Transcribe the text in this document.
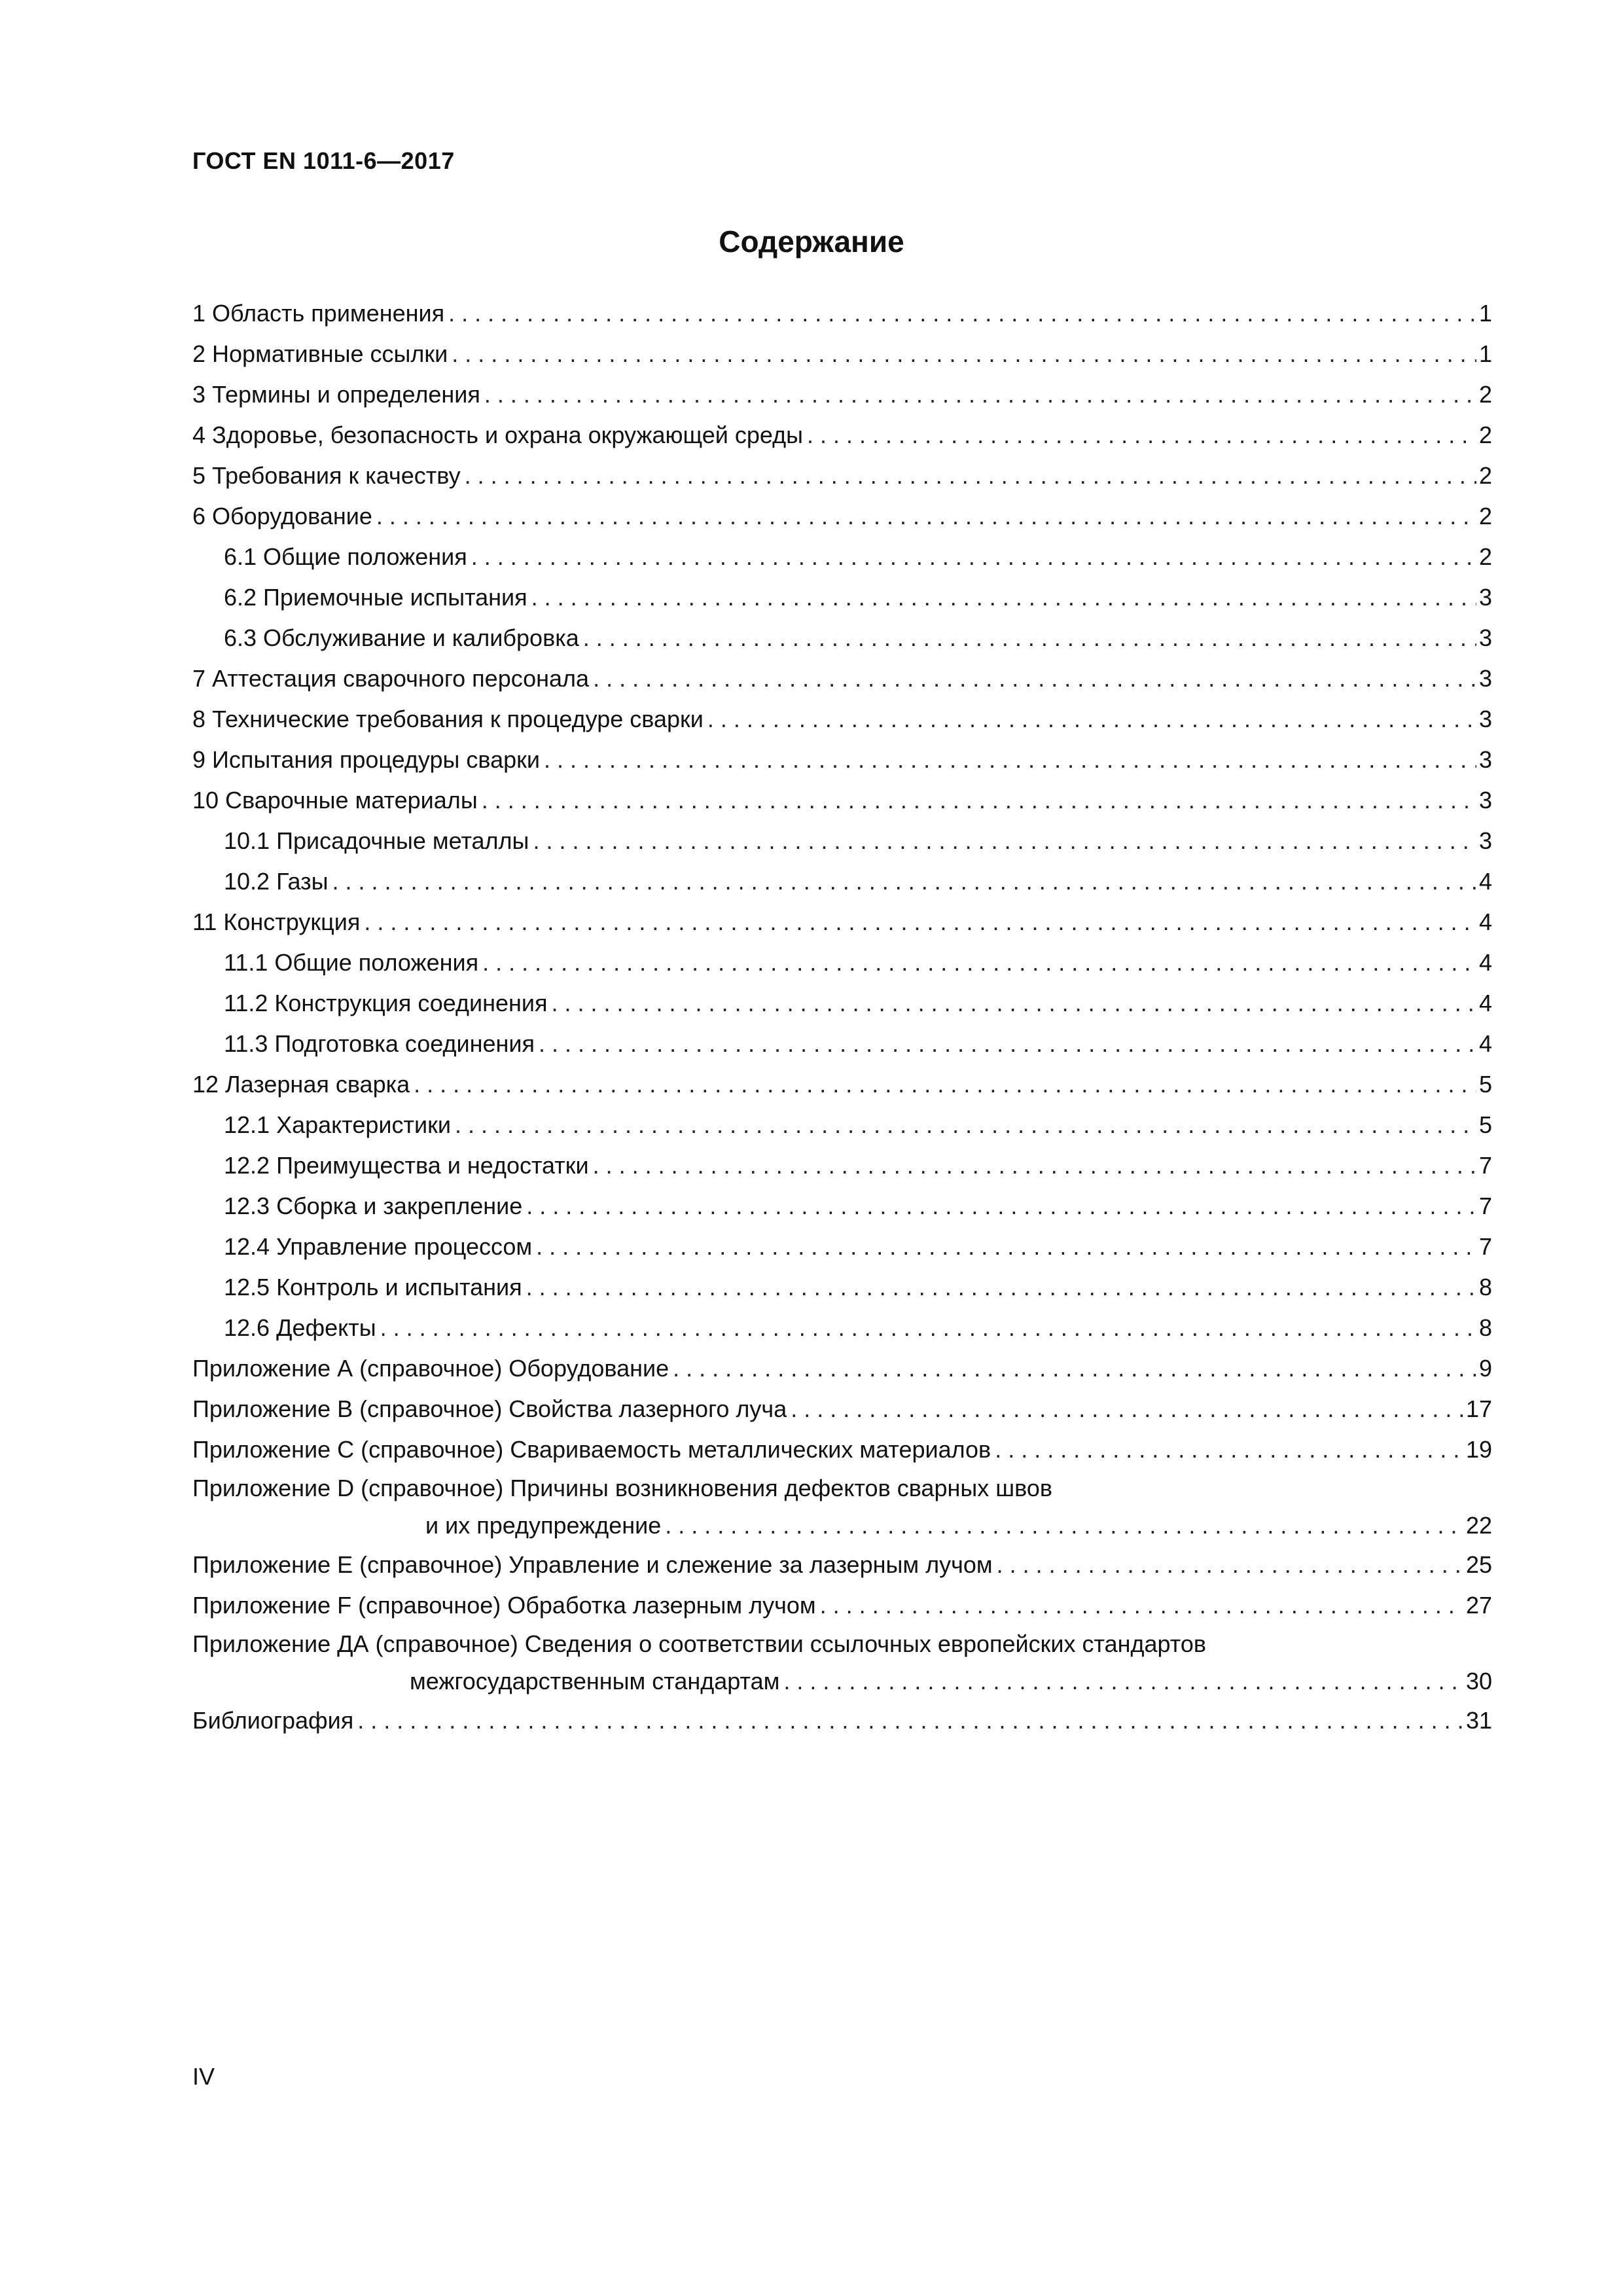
ГОСТ EN 1011-6—2017
Содержание
1 Область применения . . .	1
2 Нормативные ссылки . . .	1
3 Термины и определения . . .	2
4 Здоровье, безопасность и охрана окружающей среды . . .	2
5 Требования к качеству . . .	2
6 Оборудование . . .	2
6.1 Общие положения . . .	2
6.2 Приемочные испытания . . .	3
6.3 Обслуживание и калибровка . . .	3
7 Аттестация сварочного персонала . . .	3
8 Технические требования к процедуре сварки . . .	3
9 Испытания процедуры сварки . . .	3
10 Сварочные материалы . . .	3
10.1 Присадочные металлы . . .	3
10.2 Газы . . .	4
11 Конструкция . . .	4
11.1 Общие положения . . .	4
11.2 Конструкция соединения . . .	4
11.3 Подготовка соединения . . .	4
12 Лазерная сварка . . .	5
12.1 Характеристики . . .	5
12.2 Преимущества и недостатки . . .	7
12.3 Сборка и закрепление . . .	7
12.4 Управление процессом . . .	7
12.5 Контроль и испытания . . .	8
12.6 Дефекты . . .	8
Приложение А (справочное) Оборудование . . .	9
Приложение В (справочное) Свойства лазерного луча . . .	17
Приложение С (справочное) Свариваемость металлических материалов . . .	19
Приложение D (справочное) Причины возникновения дефектов сварных швов
и их предупреждение . . .	22
Приложение Е (справочное) Управление и слежение за лазерным лучом . . .	25
Приложение F (справочное) Обработка лазерным лучом . . .	27
Приложение ДА (справочное) Сведения о соответствии ссылочных европейских стандартов
межгосударственным стандартам . . .	30
Библиография . . .	31
IV
